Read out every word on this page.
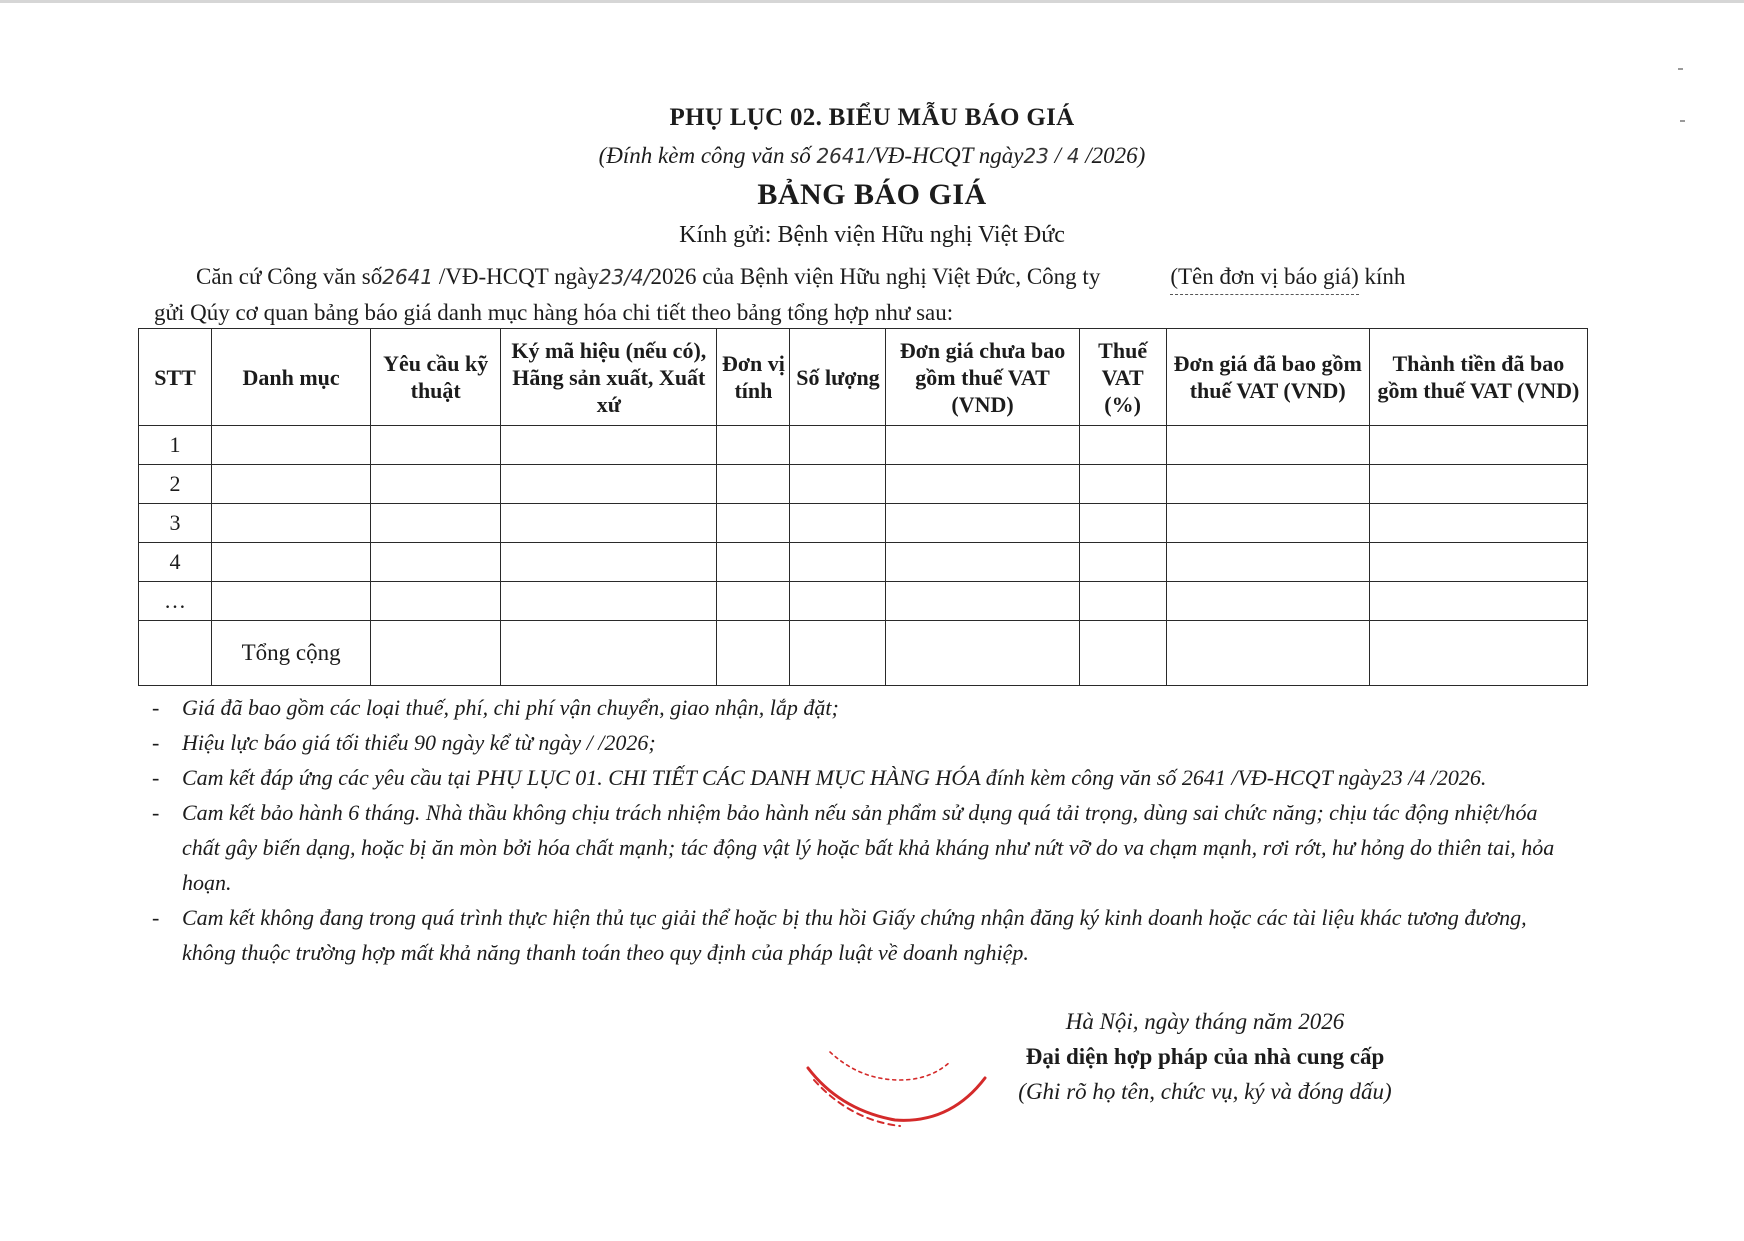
PHỤ LỤC 02. BIỂU MẪU BÁO GIÁ
(Đính kèm công văn số 2641/VĐ-HCQT ngày23 / 4 /2026)
BẢNG BÁO GIÁ
Kính gửi: Bệnh viện Hữu nghị Việt Đức
Căn cứ Công văn số2641 /VĐ-HCQT ngày23/4/2026 của Bệnh viện Hữu nghị Việt Đức, Công ty	(Tên đơn vị báo giá) kính
gửi Qúy cơ quan bảng báo giá danh mục hàng hóa chi tiết theo bảng tổng hợp như sau:
STT	Danh mục	Yêu cầu kỹ thuật	Ký mã hiệu (nếu có), Hãng sản xuất, Xuất xứ	Đơn vị tính	Số lượng	Đơn giá chưa bao gồm thuế VAT (VND)	Thuế VAT (%)	Đơn giá đã bao gồm thuế VAT (VND)	Thành tiền đã bao gồm thuế VAT (VND)
1									
2									
3									
4									
…									
	Tổng cộng								
- Giá đã bao gồm các loại thuế, phí, chi phí vận chuyển, giao nhận, lắp đặt;
- Hiệu lực báo giá tối thiểu 90 ngày kể từ ngày / /2026;
- Cam kết đáp ứng các yêu cầu tại PHỤ LỤC 01. CHI TIẾT CÁC DANH MỤC HÀNG HÓA đính kèm công văn số 2641 /VĐ-HCQT ngày23 /4 /2026.
- Cam kết bảo hành 6 tháng. Nhà thầu không chịu trách nhiệm bảo hành nếu sản phẩm sử dụng quá tải trọng, dùng sai chức năng; chịu tác động nhiệt/hóa chất gây biến dạng, hoặc bị ăn mòn bởi hóa chất mạnh; tác động vật lý hoặc bất khả kháng như nứt vỡ do va chạm mạnh, rơi rớt, hư hỏng do thiên tai, hỏa hoạn.
- Cam kết không đang trong quá trình thực hiện thủ tục giải thể hoặc bị thu hồi Giấy chứng nhận đăng ký kinh doanh hoặc các tài liệu khác tương đương, không thuộc trường hợp mất khả năng thanh toán theo quy định của pháp luật về doanh nghiệp.
Hà Nội, ngày tháng năm 2026
Đại diện hợp pháp của nhà cung cấp
(Ghi rõ họ tên, chức vụ, ký và đóng dấu)
